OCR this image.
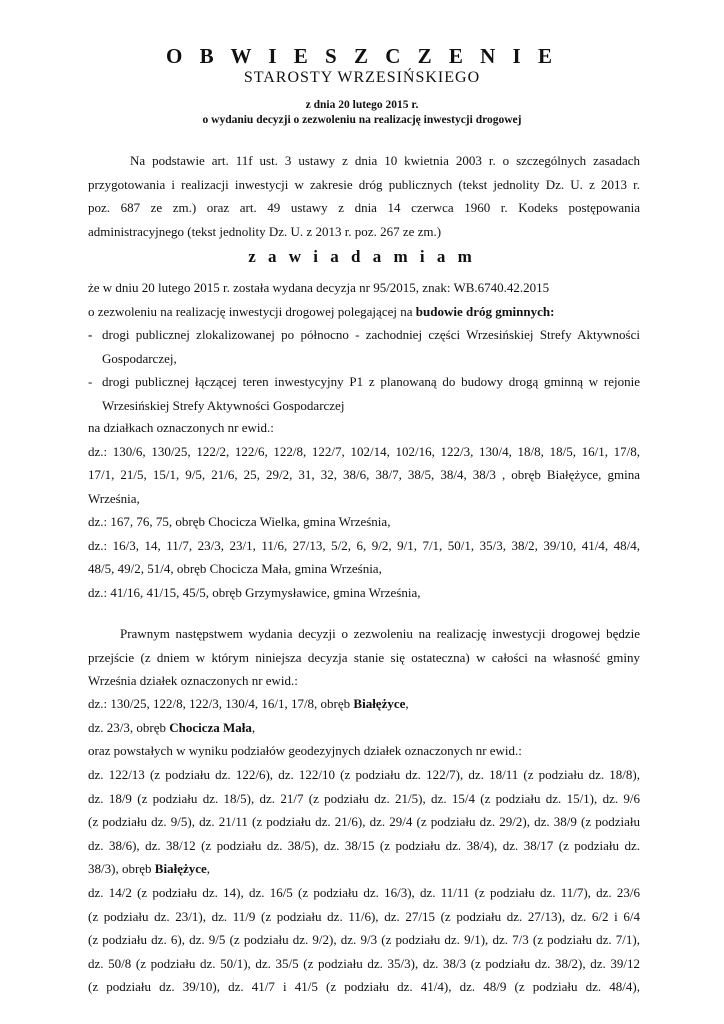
O B W I E S Z C Z E N I E
STAROSTY WRZESIŃSKIEGO
z dnia 20 lutego 2015 r.
o wydaniu decyzji o zezwoleniu na realizację inwestycji drogowej
Na podstawie art. 11f ust. 3 ustawy z dnia 10 kwietnia 2003 r. o szczególnych zasadach
przygotowania i realizacji inwestycji w zakresie dróg publicznych (tekst jednolity Dz. U. z 2013 r.
poz. 687 ze zm.) oraz art. 49 ustawy z dnia 14 czerwca 1960 r. Kodeks postępowania
administracyjnego (tekst jednolity Dz. U. z 2013 r. poz. 267 ze zm.)
z a w i a d a m i a m
że w dniu 20 lutego 2015 r. została wydana decyzja nr 95/2015, znak: WB.6740.42.2015
o zezwoleniu na realizację inwestycji drogowej polegającej na budowie dróg gminnych:
- drogi publicznej zlokalizowanej po północno - zachodniej części Wrzesińskiej Strefy Aktywności
Gospodarczej,
- drogi publicznej łączącej teren inwestycyjny P1 z planowaną do budowy drogą gminną w rejonie
Wrzesińskiej Strefy Aktywności Gospodarczej
na działkach oznaczonych nr ewid.:
dz.: 130/6, 130/25, 122/2, 122/6, 122/8, 122/7, 102/14, 102/16, 122/3, 130/4, 18/8, 18/5, 16/1, 17/8,
17/1, 21/5, 15/1, 9/5, 21/6, 25, 29/2, 31, 32, 38/6, 38/7, 38/5, 38/4, 38/3 , obręb Białężyce, gmina
Września,
dz.: 167, 76, 75, obręb Chocicza Wielka, gmina Września,
dz.: 16/3, 14, 11/7, 23/3, 23/1, 11/6, 27/13, 5/2, 6, 9/2, 9/1, 7/1, 50/1, 35/3, 38/2, 39/10, 41/4, 48/4,
48/5, 49/2, 51/4, obręb Chocicza Mała, gmina Września,
dz.: 41/16, 41/15, 45/5, obręb Grzymysławice, gmina Września,
Prawnym następstwem wydania decyzji o zezwoleniu na realizację inwestycji drogowej będzie
przejście (z dniem w którym niniejsza decyzja stanie się ostateczna) w całości na własność gminy
Września działek oznaczonych nr ewid.:
dz.: 130/25, 122/8, 122/3, 130/4, 16/1, 17/8, obręb Białężyce,
dz. 23/3, obręb Chocicza Mała,
oraz powstałych w wyniku podziałów geodezyjnych działek oznaczonych nr ewid.:
dz. 122/13 (z podziału dz. 122/6), dz. 122/10 (z podziału dz. 122/7), dz. 18/11 (z podziału dz. 18/8),
dz. 18/9 (z podziału dz. 18/5), dz. 21/7 (z podziału dz. 21/5), dz. 15/4 (z podziału dz. 15/1), dz. 9/6
(z podziału dz. 9/5), dz. 21/11 (z podziału dz. 21/6), dz. 29/4 (z podziału dz. 29/2), dz. 38/9 (z podziału
dz. 38/6), dz. 38/12 (z podziału dz. 38/5), dz. 38/15 (z podziału dz. 38/4), dz. 38/17 (z podziału dz.
38/3), obręb Białężyce,
dz. 14/2 (z podziału dz. 14), dz. 16/5 (z podziału dz. 16/3), dz. 11/11 (z podziału dz. 11/7), dz. 23/6
(z podziału dz. 23/1), dz. 11/9 (z podziału dz. 11/6), dz. 27/15 (z podziału dz. 27/13), dz. 6/2 i 6/4
(z podziału dz. 6), dz. 9/5 (z podziału dz. 9/2), dz. 9/3 (z podziału dz. 9/1), dz. 7/3 (z podziału dz. 7/1),
dz. 50/8 (z podziału dz. 50/1), dz. 35/5 (z podziału dz. 35/3), dz. 38/3 (z podziału dz. 38/2), dz. 39/12
(z podziału dz. 39/10), dz. 41/7 i 41/5 (z podziału dz. 41/4), dz. 48/9 (z podziału dz. 48/4),
